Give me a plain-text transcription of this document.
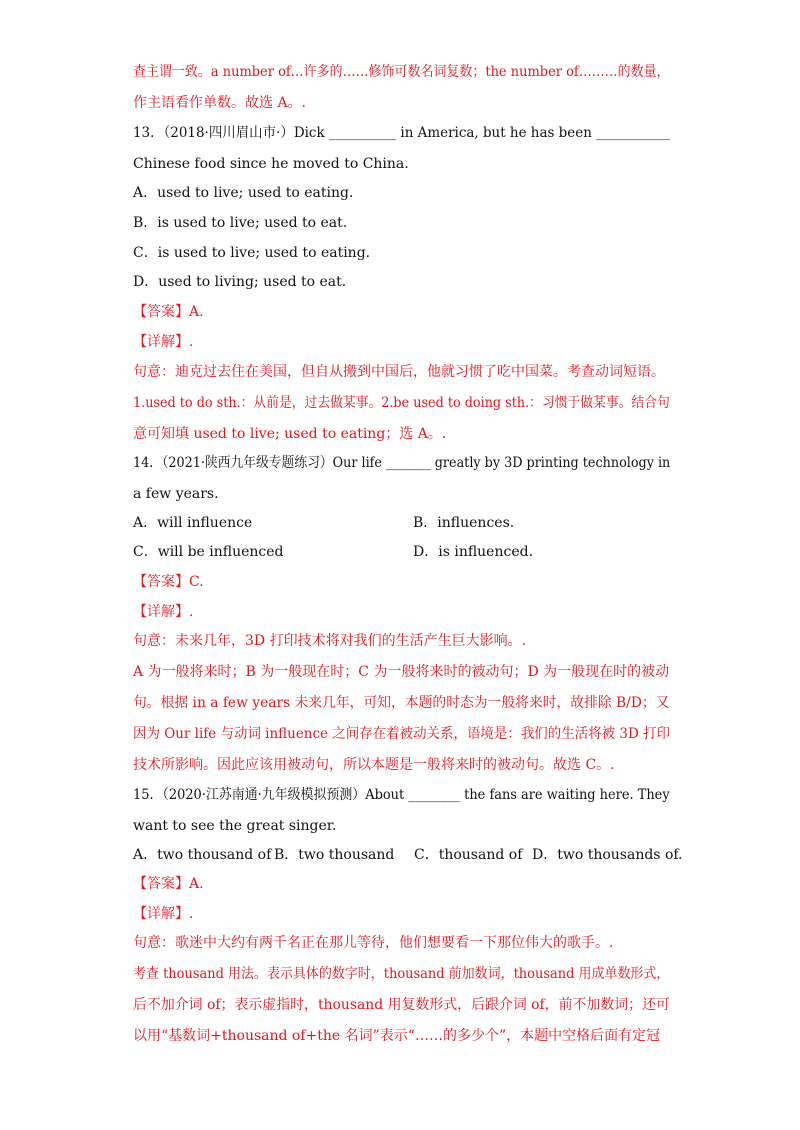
查主谓一致。a number of…许多的……修饰可数名词复数；the number of………的数量，
作主语看作单数。故选 A。.
13．（2018·四川眉山市·）Dick __________ in America, but he has been ___________
Chinese food since he moved to China.
A．used to live; used to eating.
B．is used to live; used to eat.
C．is used to live; used to eating.
D．used to living; used to eat.
【答案】A.
【详解】.
句意：迪克过去住在美国，但自从搬到中国后，他就习惯了吃中国菜。考查动词短语。
1.used to do sth.：从前是，过去做某事。2.be used to doing sth.：习惯于做某事。结合句
意可知填 used to live; used to eating；选 A。.
14．（2021·陕西九年级专题练习）Our life _______ greatly by 3D printing technology in
a few years.
A．will influence	B．influences.
C．will be influenced	D．is influenced.
【答案】C.
【详解】.
句意：未来几年，3D 打印技术将对我们的生活产生巨大影响。.
A 为一般将来时；B 为一般现在时；C 为一般将来时的被动句；D 为一般现在时的被动
句。根据 in a few years 未来几年，可知，本题的时态为一般将来时，故排除 B/D；又
因为 Our life 与动词 influence 之间存在着被动关系，语境是：我们的生活将被 3D 打印
技术所影响。因此应该用被动句，所以本题是一般将来时的被动句。故选 C。.
15．（2020·江苏南通·九年级模拟预测）About ________ the fans are waiting here. They
want to see the great singer.
A．two thousand of B．two thousand C．thousand of D．two thousands of.
【答案】A.
【详解】.
句意：歌迷中大约有两千名正在那儿等待，他们想要看一下那位伟大的歌手。.
考查 thousand 用法。表示具体的数字时，thousand 前加数词，thousand 用成单数形式，
后不加介词 of；表示虚指时，thousand 用复数形式，后跟介词 of，前不加数词；还可
以用“基数词+thousand of+the 名词”表示“……的多少个”，本题中空格后面有定冠
